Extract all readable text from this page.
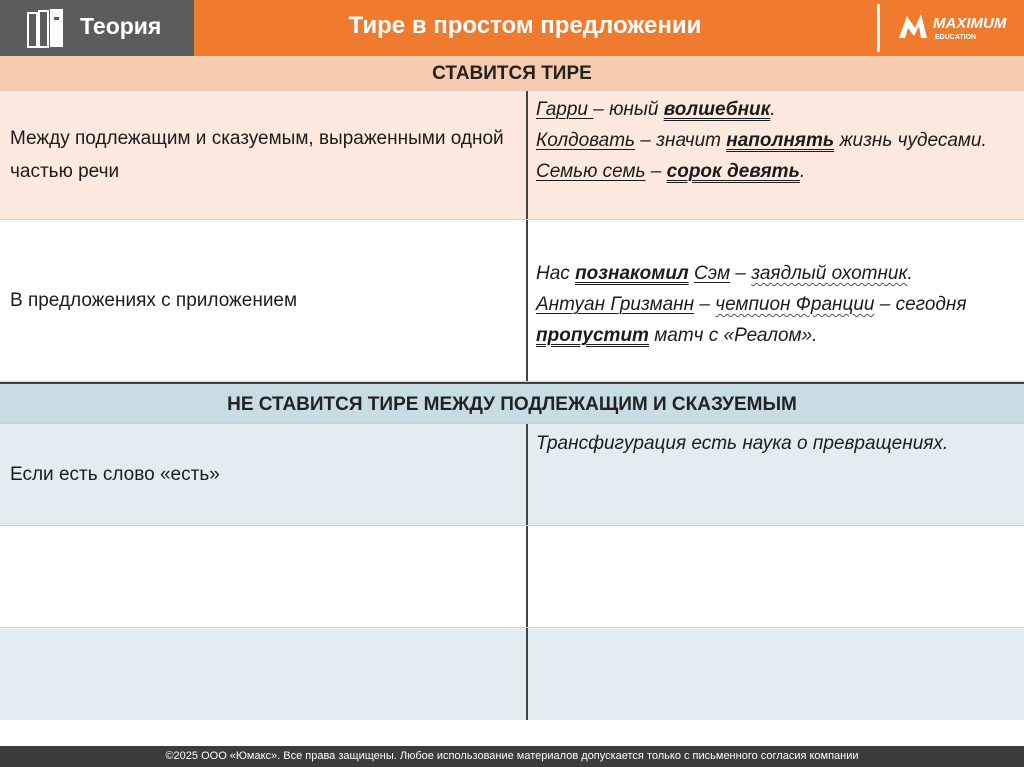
Теория	Тире в простом предложении	MAXIMUM
EDUCATION
СТАВИТСЯ ТИРЕ
Между подлежащим и сказуемым, выраженными одной частью речи
Гарри – юный волшебник.
Колдовать – значит наполнять жизнь чудесами.
Семью семь – сорок девять.
В предложениях с приложением
Нас познакомил Сэм – заядлый охотник.
Антуан Гризманн – чемпион Франции – сегодня пропустит матч с «Реалом».
НЕ СТАВИТСЯ ТИРЕ МЕЖДУ ПОДЛЕЖАЩИМ И СКАЗУЕМЫМ
Если есть слово «есть»
Трансфигурация есть наука о превращениях.
©2025 ООО «Юмакс». Все права защищены. Любое использование материалов допускается только с письменного согласия компании
